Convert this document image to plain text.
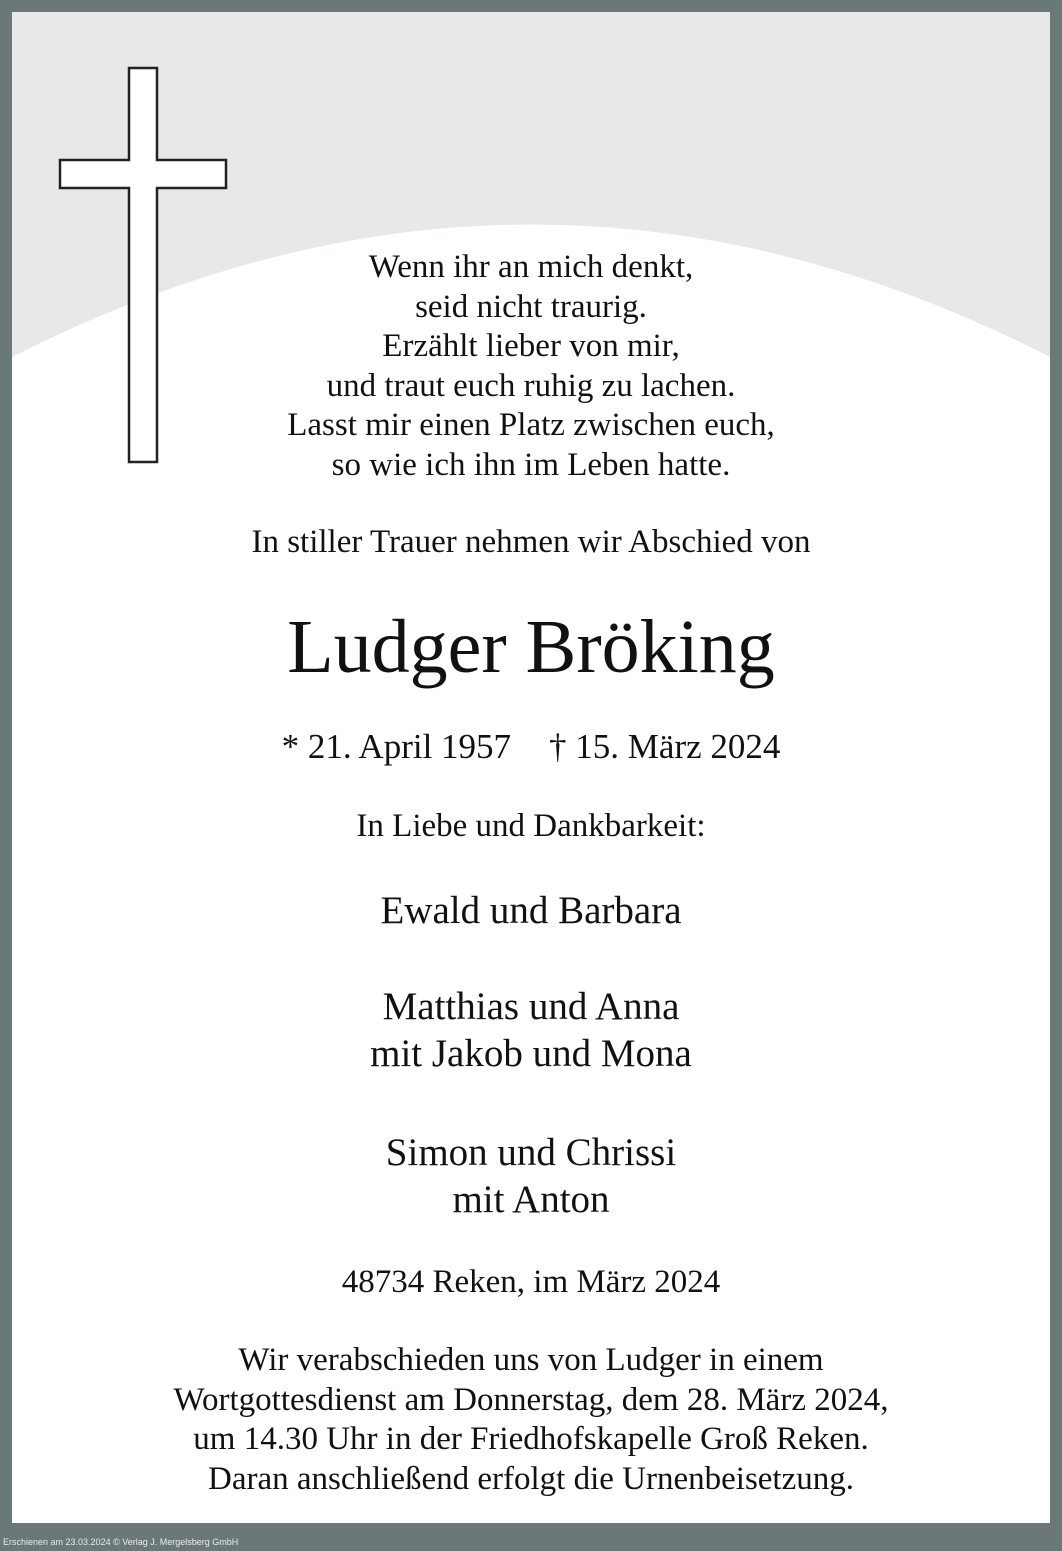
Wenn ihr an mich denkt,
seid nicht traurig.
Erzählt lieber von mir,
und traut euch ruhig zu lachen.
Lasst mir einen Platz zwischen euch,
so wie ich ihn im Leben hatte.
In stiller Trauer nehmen wir Abschied von
Ludger Bröking
* 21. April 1957 † 15. März 2024
In Liebe und Dankbarkeit:
Ewald und Barbara
Matthias und Anna
mit Jakob und Mona
Simon und Chrissi
mit Anton
48734 Reken, im März 2024
Wir verabschieden uns von Ludger in einem
Wortgottesdienst am Donnerstag, dem 28. März 2024,
um 14.30 Uhr in der Friedhofskapelle Groß Reken.
Daran anschließend erfolgt die Urnenbeisetzung.
Erschienen am 23.03.2024 © Verlag J. Mergelsberg GmbH
